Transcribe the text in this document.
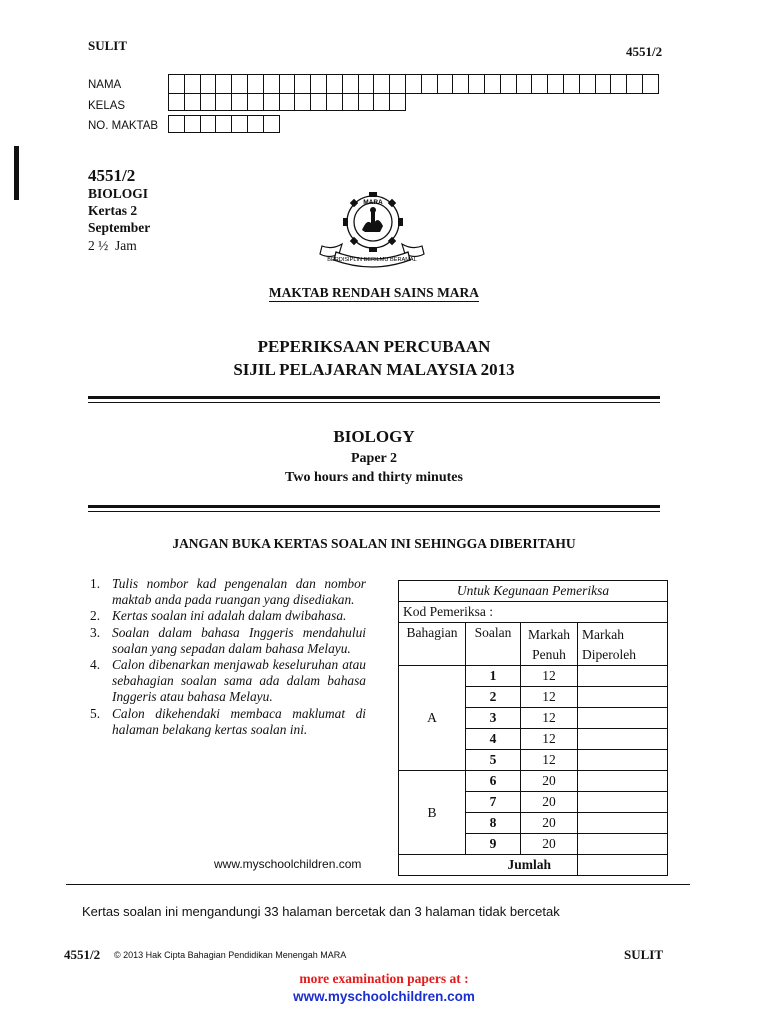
SULIT	4551/2
NAMA
KELAS
NO. MAKTAB
4551/2
BIOLOGI
Kertas 2
September
2 ½  Jam
MARA
BERDISIPLIN BERILMU BERAMAL
MAKTAB RENDAH SAINS MARA
PEPERIKSAAN PERCUBAAN
SIJIL PELAJARAN MALAYSIA 2013
BIOLOGY
Paper 2
Two hours and thirty minutes
JANGAN BUKA KERTAS SOALAN INI SEHINGGA DIBERITAHU
1. Tulis nombor kad pengenalan dan nombor maktab anda pada ruangan yang disediakan.
2. Kertas soalan ini adalah dalam dwibahasa.
3. Soalan dalam bahasa Inggeris mendahului soalan yang sepadan dalam bahasa Melayu.
4. Calon dibenarkan menjawab keseluruhan atau sebahagian soalan sama ada dalam bahasa Inggeris atau bahasa Melayu.
5. Calon dikehendaki membaca maklumat di halaman belakang kertas soalan ini.
www.myschoolchildren.com
Untuk Kegunaan Pemeriksa			
Kod Pemeriksa :			
Bahagian	Soalan	Markah Penuh	Markah Diperoleh
A	1	12	
	2	12	
	3	12	
	4	12	
	5	12	
B	6	20	
	7	20	
	8	20	
	9	20	
Jumlah			
Kertas soalan ini mengandungi 33 halaman bercetak dan 3 halaman tidak bercetak
4551/2 © 2013 Hak Cipta Bahagian Pendidikan Menengah MARA	SULIT
more examination papers at :
www.myschoolchildren.com
